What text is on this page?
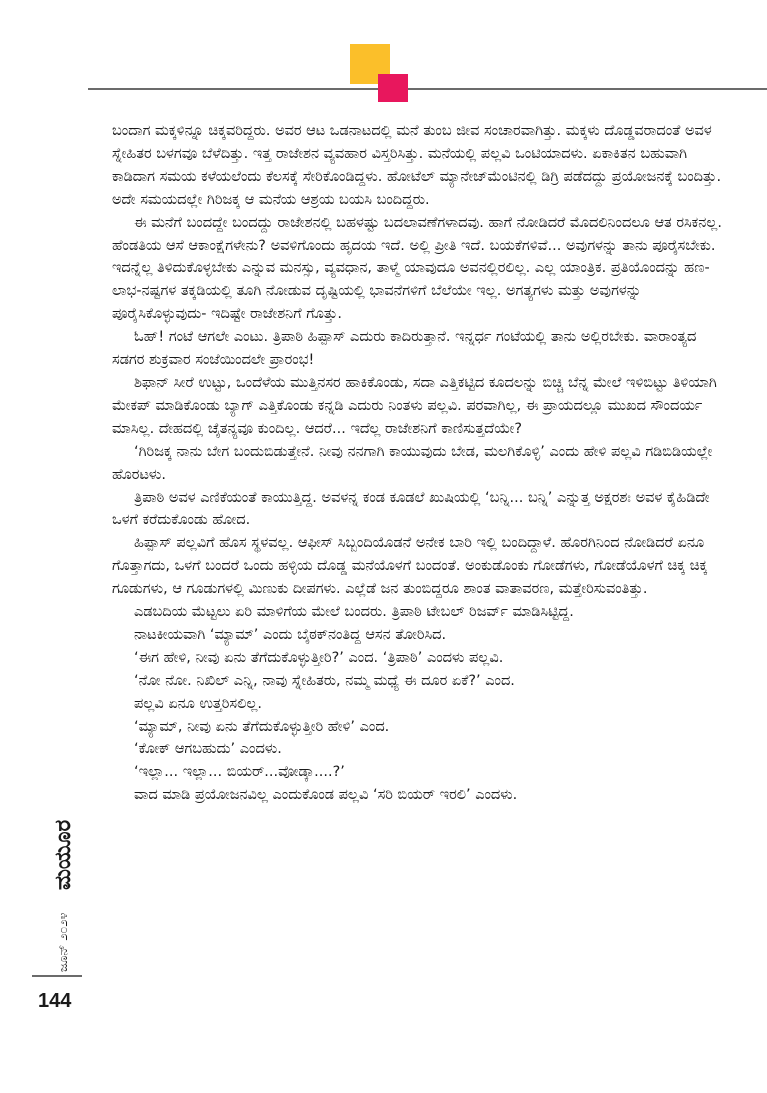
ಬಂದಾಗ ಮಕ್ಕಳಿನ್ನೂ ಚಿಕ್ಕವರಿದ್ದರು. ಅವರ ಆಟ ಒಡನಾಟದಲ್ಲಿ ಮನೆ ತುಂಬ ಜೀವ ಸಂಚಾರವಾಗಿತ್ತು. ಮಕ್ಕಳು ದೊಡ್ಡವರಾದಂತೆ ಅವಳ ಸ್ನೇಹಿತರ ಬಳಗವೂ ಬೆಳೆದಿತ್ತು. ಇತ್ತ ರಾಜೇಶನ ವ್ಯವಹಾರ ವಿಸ್ತರಿಸಿತ್ತು. ಮನೆಯಲ್ಲಿ ಪಲ್ಲವಿ ಒಂಟಿಯಾದಳು. ಏಕಾಕಿತನ ಬಹುವಾಗಿ ಕಾಡಿದಾಗ ಸಮಯ ಕಳೆಯಲೆಂದು ಕೆಲಸಕ್ಕೆ ಸೇರಿಕೊಂಡಿದ್ದಳು. ಹೋಟೆಲ್ ಮ್ಯಾನೇಜ್‌ಮೆಂಟಿನಲ್ಲಿ ಡಿಗ್ರಿ ಪಡೆದದ್ದು ಪ್ರಯೋಜನಕ್ಕೆ ಬಂದಿತ್ತು. ಅದೇ ಸಮಯದಲ್ಲೇ ಗಿರಿಜಕ್ಕ ಆ ಮನೆಯ ಆಶ್ರಯ ಬಯಸಿ ಬಂದಿದ್ದರು.

ಈ ಮನೆಗೆ ಬಂದದ್ದೇ ಬಂದದ್ದು ರಾಜೇಶನಲ್ಲಿ ಬಹಳಷ್ಟು ಬದಲಾವಣೆಗಳಾದವು. ಹಾಗೆ ನೋಡಿದರೆ ಮೊದಲಿನಿಂದಲೂ ಆತ ರಸಿಕನಲ್ಲ. ಹೆಂಡತಿಯ ಆಸೆ ಆಕಾಂಕ್ಷೆಗಳೇನು? ಅವಳಿಗೊಂದು ಹೃದಯ ಇದೆ. ಅಲ್ಲಿ ಪ್ರೀತಿ ಇದೆ. ಬಯಕೆಗಳಿವೆ... ಅವುಗಳನ್ನು ತಾನು ಪೂರೈಸಬೇಕು. ಇದನ್ನೆಲ್ಲ ತಿಳಿದುಕೊಳ್ಳಬೇಕು ಎನ್ನುವ ಮನಸ್ಸು, ವ್ಯವಧಾನ, ತಾಳ್ಮೆ ಯಾವುದೂ ಅವನಲ್ಲಿರಲಿಲ್ಲ. ಎಲ್ಲ ಯಾಂತ್ರಿಕ. ಪ್ರತಿಯೊಂದನ್ನು ಹಣ-ಲಾಭ-ನಷ್ಟಗಳ ತಕ್ಕಡಿಯಲ್ಲಿ ತೂಗಿ ನೋಡುವ ದೃಷ್ಟಿಯಲ್ಲಿ ಭಾವನೆಗಳಿಗೆ ಬೆಲೆಯೇ ಇಲ್ಲ. ಅಗತ್ಯಗಳು ಮತ್ತು ಅವುಗಳನ್ನು ಪೂರೈಸಿಕೊಳ್ಳುವುದು- ಇದಿಷ್ಟೇ ರಾಜೇಶನಿಗೆ ಗೊತ್ತು.

ಓಹ್! ಗಂಟೆ ಆಗಲೇ ಎಂಟು. ತ್ರಿಪಾಠಿ ಹಿಪ್ಪಾಸ್ ಎದುರು ಕಾದಿರುತ್ತಾನೆ. ಇನ್ನರ್ಧ ಗಂಟೆಯಲ್ಲಿ ತಾನು ಅಲ್ಲಿರಬೇಕು. ವಾರಾಂತ್ಯದ ಸಡಗರ ಶುಕ್ರವಾರ ಸಂಜೆಯಿಂದಲೇ ಪ್ರಾರಂಭ!

ಶಿಫಾನ್ ಸೀರೆ ಉಟ್ಟು, ಒಂದೆಳೆಯ ಮುತ್ತಿನಸರ ಹಾಕಿಕೊಂಡು, ಸದಾ ಎತ್ತಿಕಟ್ಟಿದ ಕೂದಲನ್ನು ಬಿಚ್ಚಿ ಬೆನ್ನ ಮೇಲೆ ಇಳಿಬಿಟ್ಟು ತಿಳಿಯಾಗಿ ಮೇಕಪ್ ಮಾಡಿಕೊಂಡು ಬ್ಯಾಗ್ ಎತ್ತಿಕೊಂಡು ಕನ್ನಡಿ ಎದುರು ನಿಂತಳು ಪಲ್ಲವಿ. ಪರವಾಗಿಲ್ಲ, ಈ ಪ್ರಾಯದಲ್ಲೂ ಮುಖದ ಸೌಂದರ್ಯ ಮಾಸಿಲ್ಲ. ದೇಹದಲ್ಲಿ ಚೈತನ್ಯವೂ ಕುಂದಿಲ್ಲ. ಆದರೆ... ಇದೆಲ್ಲ ರಾಜೇಶನಿಗೆ ಕಾಣಿಸುತ್ತದೆಯೇ?

‘ಗಿರಿಜಕ್ಕ ನಾನು ಬೇಗ ಬಂದುಬಿಡುತ್ತೇನೆ. ನೀವು ನನಗಾಗಿ ಕಾಯುವುದು ಬೇಡ, ಮಲಗಿಕೊಳ್ಳಿ’ ಎಂದು ಹೇಳಿ ಪಲ್ಲವಿ ಗಡಿಬಿಡಿಯಲ್ಲೇ ಹೊರಟಳು.

ತ್ರಿಪಾಠಿ ಅವಳ ಎಣಿಕೆಯಂತೆ ಕಾಯುತ್ತಿದ್ದ. ಅವಳನ್ನ ಕಂಡ ಕೂಡಲೆ ಖುಷಿಯಲ್ಲಿ ‘ಬನ್ನಿ... ಬನ್ನಿ’ ಎನ್ನುತ್ತ ಅಕ್ಷರಶಃ ಅವಳ ಕೈಹಿಡಿದೇ ಒಳಗೆ ಕರೆದುಕೊಂಡು ಹೋದ.

ಹಿಪ್ಪಾಸ್ ಪಲ್ಲವಿಗೆ ಹೊಸ ಸ್ಥಳವಲ್ಲ. ಆಫೀಸ್ ಸಿಬ್ಬಂದಿಯೊಡನೆ ಅನೇಕ ಬಾರಿ ಇಲ್ಲಿ ಬಂದಿದ್ದಾಳೆ. ಹೊರಗಿನಿಂದ ನೋಡಿದರೆ ಏನೂ ಗೊತ್ತಾಗದು, ಒಳಗೆ ಬಂದರೆ ಒಂದು ಹಳ್ಳಿಯ ದೊಡ್ಡ ಮನೆಯೊಳಗೆ ಬಂದಂತೆ. ಅಂಕುಡೊಂಕು ಗೋಡೆಗಳು, ಗೋಡೆಯೊಳಗೆ ಚಿಕ್ಕ ಚಿಕ್ಕ ಗೂಡುಗಳು, ಆ ಗೂಡುಗಳಲ್ಲಿ ಮಿಣುಕು ದೀಪಗಳು. ಎಲ್ಲೆಡೆ ಜನ ತುಂಬಿದ್ದರೂ ಶಾಂತ ವಾತಾವರಣ, ಮತ್ತೇರಿಸುವಂತಿತ್ತು.

ಎಡಬದಿಯ ಮೆಟ್ಟಲು ಏರಿ ಮಾಳಿಗೆಯ ಮೇಲೆ ಬಂದರು. ತ್ರಿಪಾಠಿ ಟೇಬಲ್ ರಿಜರ್ವ್ ಮಾಡಿಸಿಟ್ಟಿದ್ದ.

ನಾಟಕೀಯವಾಗಿ ‘ಮ್ಯಾಮ್’ ಎಂದು ಬೈಠಕ್‌ನಂತಿದ್ದ ಆಸನ ತೋರಿಸಿದ.

‘ಈಗ ಹೇಳಿ, ನೀವು ಏನು ತೆಗೆದುಕೊಳ್ಳುತ್ತೀರಿ?’ ಎಂದ. ‘ತ್ರಿಪಾಠಿ’ ಎಂದಳು ಪಲ್ಲವಿ.

‘ನೋ ನೋ. ನಿಖಿಲ್ ಎನ್ನಿ, ನಾವು ಸ್ನೇಹಿತರು, ನಮ್ಮ ಮಧ್ಯೆ ಈ ದೂರ ಏಕೆ?’ ಎಂದ.

ಪಲ್ಲವಿ ಏನೂ ಉತ್ತರಿಸಲಿಲ್ಲ.

‘ಮ್ಯಾಮ್, ನೀವು ಏನು ತೆಗೆದುಕೊಳ್ಳುತ್ತೀರಿ ಹೇಳಿ’ ಎಂದ.

‘ಕೋಕ್ ಆಗಬಹುದು’ ಎಂದಳು.

‘ಇಲ್ಲಾ... ಇಲ್ಲಾ... ಬಿಯರ್...ವೋಡ್ಕಾ....?’

ವಾದ ಮಾಡಿ ಪ್ರಯೋಜನವಿಲ್ಲ ಎಂದುಕೊಂಡ ಪಲ್ಲವಿ ‘ಸರಿ ಬಿಯರ್ ಇರಲಿ’ ಎಂದಳು.

ಮಯೂರ
ಜೂನ್ ೨೦೨೪
144
